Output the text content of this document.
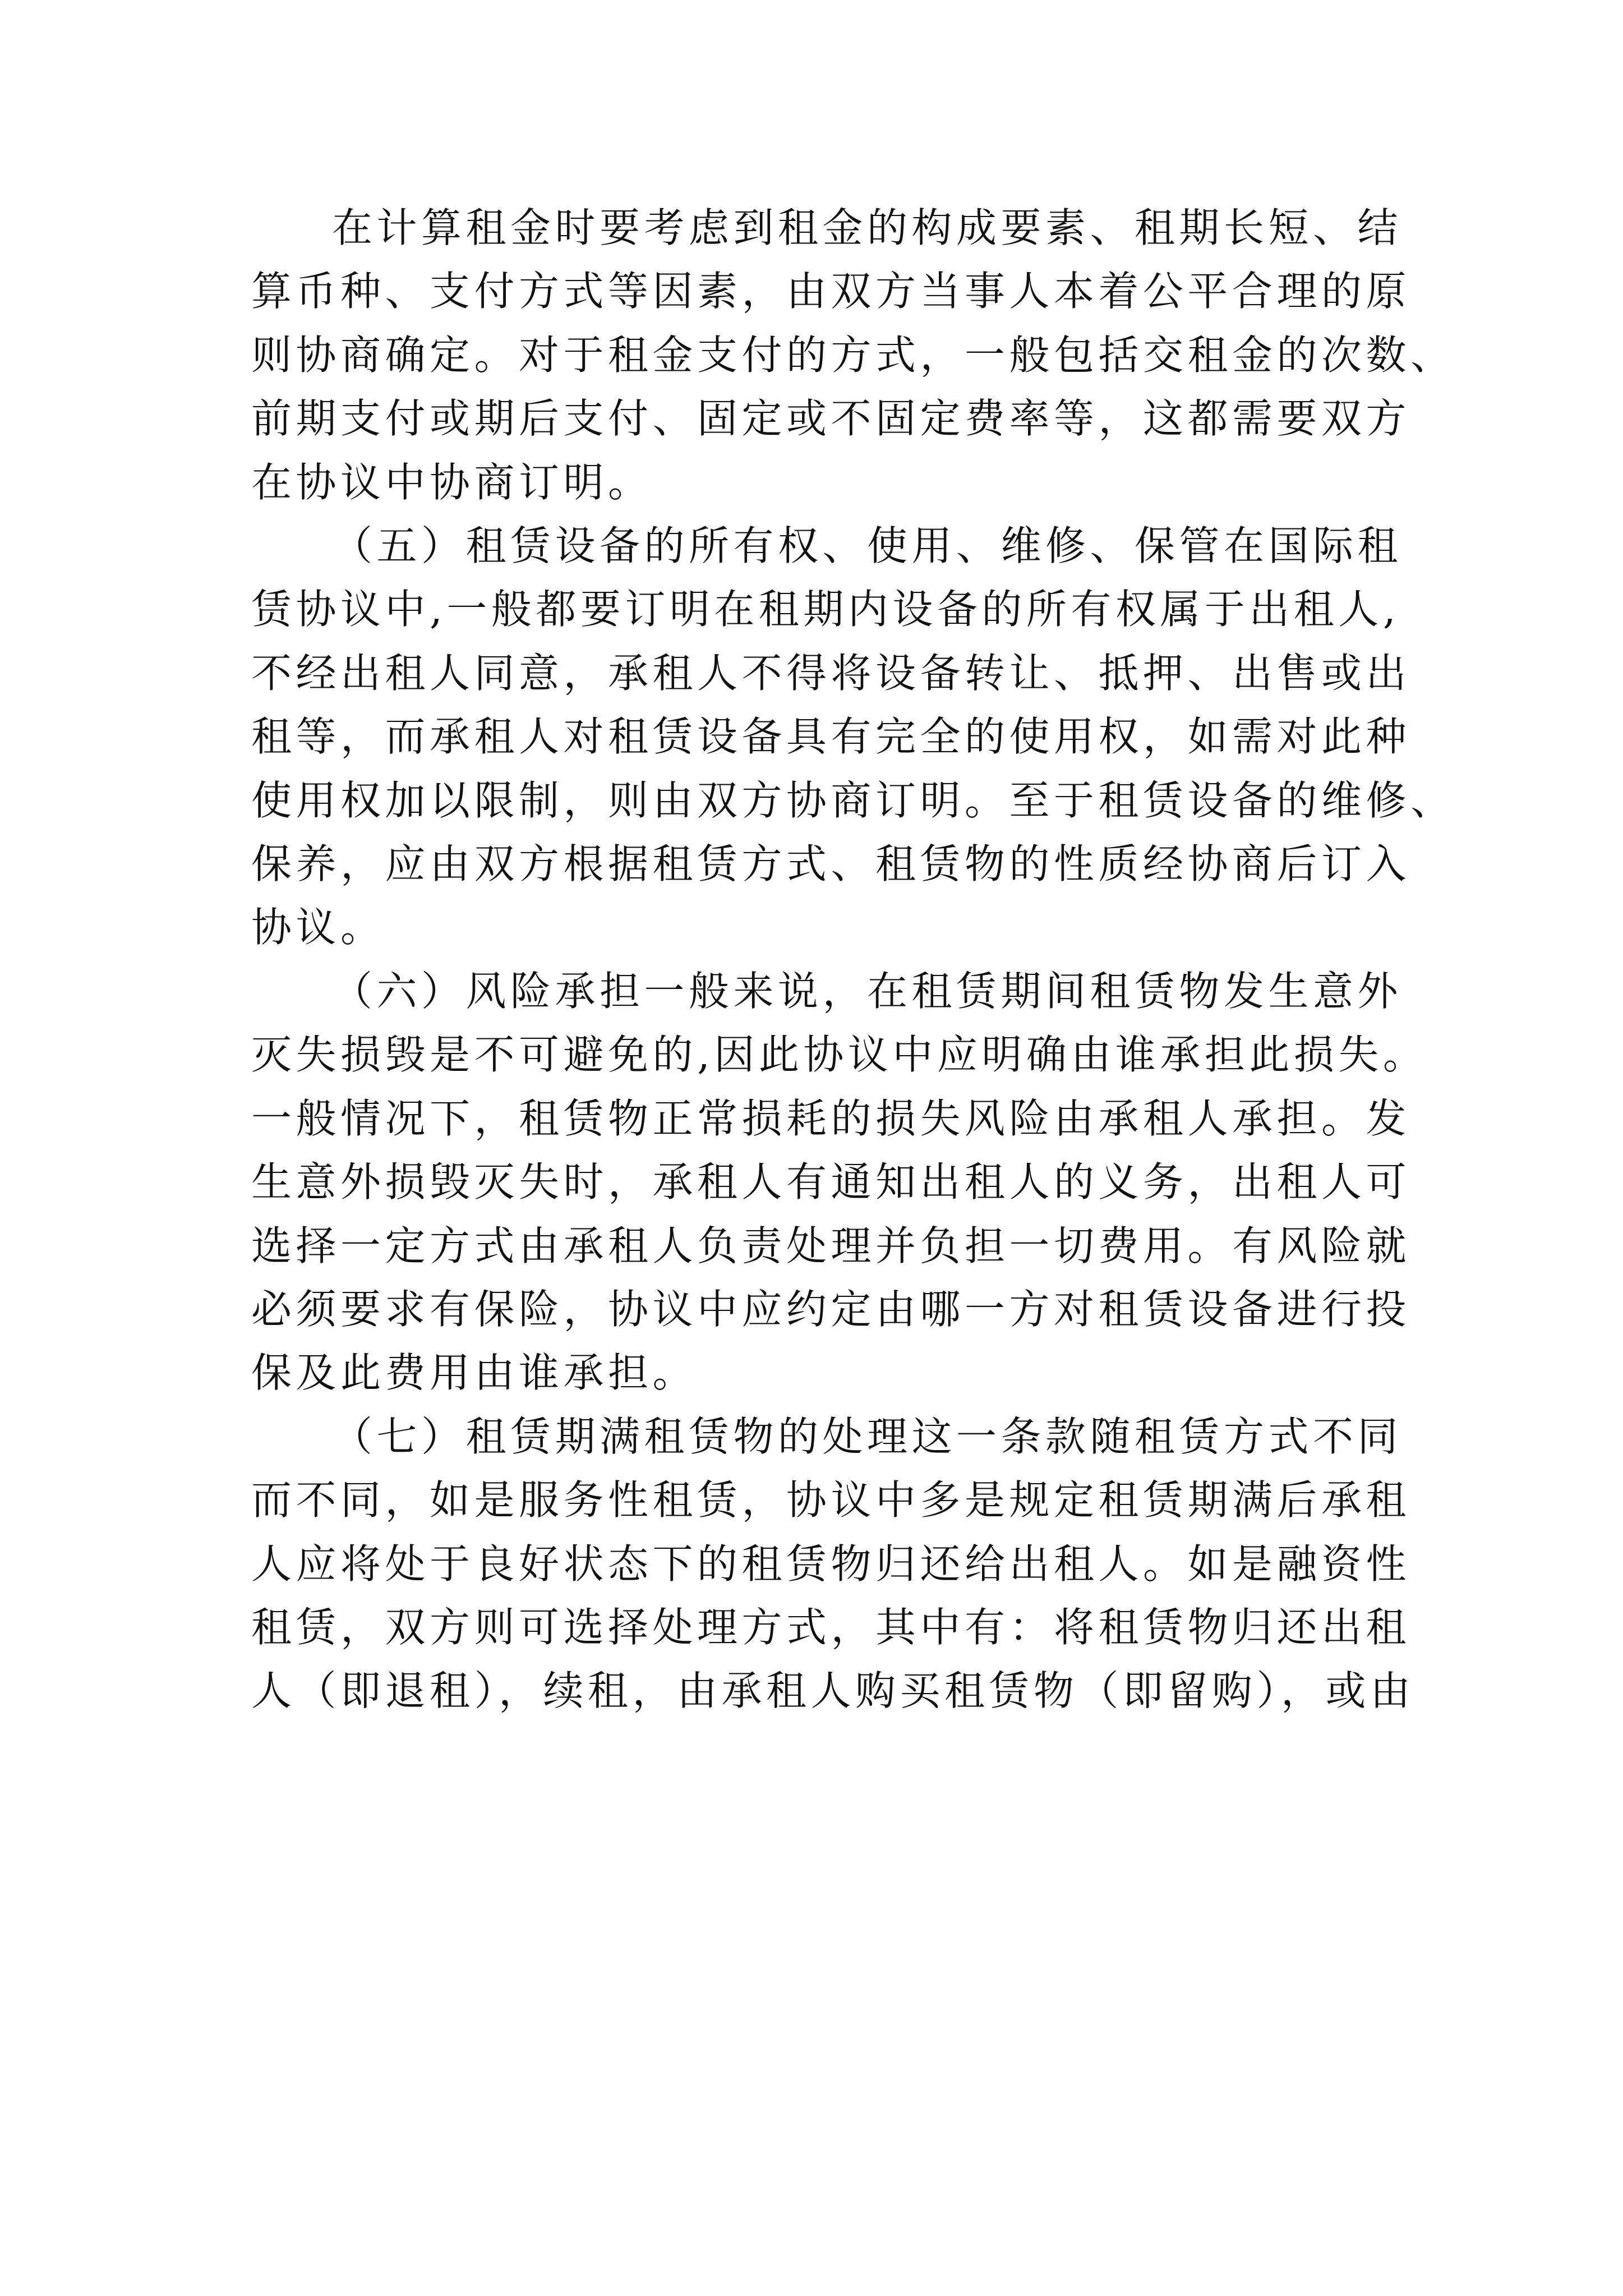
在计算租金时要考虑到租金的构成要素、租期长短、结
算币种、支付方式等因素，由双方当事人本着公平合理的原
则协商确定。对于租金支付的方式，一般包括交租金的次数、
前期支付或期后支付、固定或不固定费率等，这都需要双方
在协议中协商订明。
（五）租赁设备的所有权、使用、维修、保管在国际租
赁协议中,一般都要订明在租期内设备的所有权属于出租人,
不经出租人同意，承租人不得将设备转让、抵押、出售或出
租等，而承租人对租赁设备具有完全的使用权，如需对此种
使用权加以限制，则由双方协商订明。至于租赁设备的维修、
保养，应由双方根据租赁方式、租赁物的性质经协商后订入
协议。
（六）风险承担一般来说，在租赁期间租赁物发生意外
灭失损毁是不可避免的,因此协议中应明确由谁承担此损失。
一般情况下，租赁物正常损耗的损失风险由承租人承担。发
生意外损毁灭失时，承租人有通知出租人的义务，出租人可
选择一定方式由承租人负责处理并负担一切费用。有风险就
必须要求有保险，协议中应约定由哪一方对租赁设备进行投
保及此费用由谁承担。
（七）租赁期满租赁物的处理这一条款随租赁方式不同
而不同，如是服务性租赁，协议中多是规定租赁期满后承租
人应将处于良好状态下的租赁物归还给出租人。如是融资性
租赁，双方则可选择处理方式，其中有：将租赁物归还出租
人（即退租），续租，由承租人购买租赁物（即留购），或由
